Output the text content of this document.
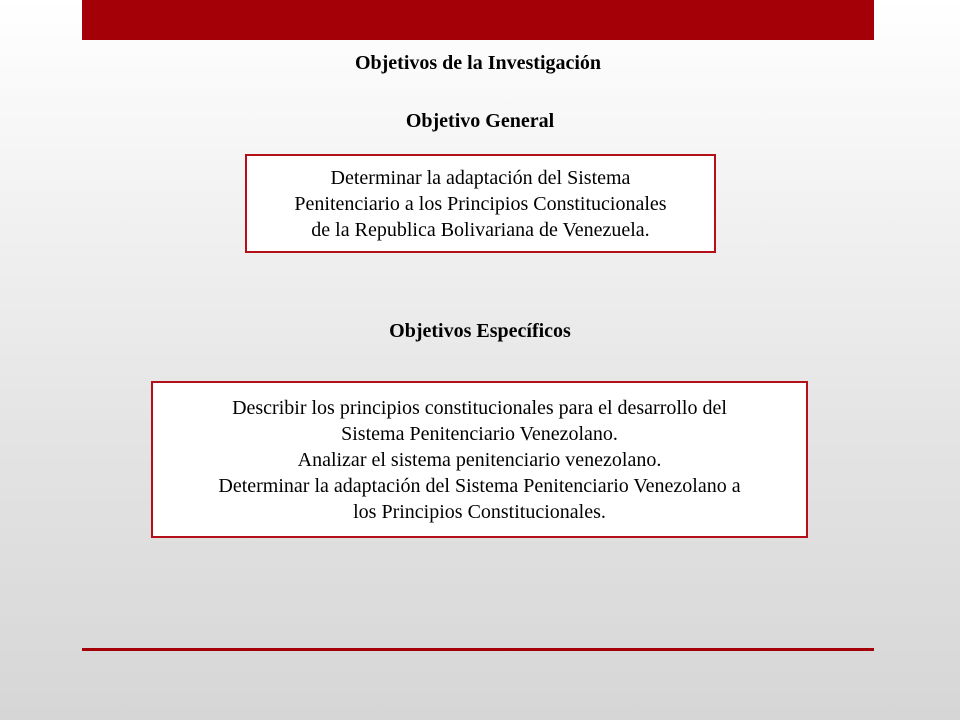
Objetivos de la Investigación
Objetivo General

Determinar la adaptación del Sistema

Penitenciario a los Principios Constitucionales

de la Republica Bolivariana de Venezuela.

Objetivos Específicos

Describir los principios constitucionales para el desarrollo del

Sistema Penitenciario Venezolano.

Analizar el sistema penitenciario venezolano.

Determinar la adaptación del Sistema Penitenciario Venezolano a

los Principios Constitucionales.
